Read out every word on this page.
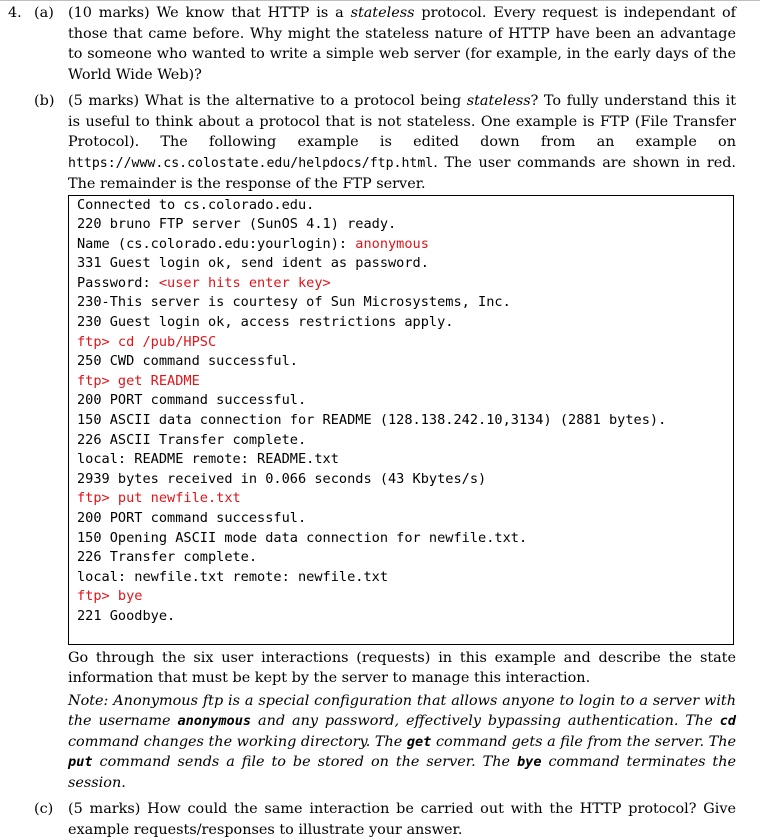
4. (a) (10 marks) We know that HTTP is a stateless protocol. Every request is independant of those that came before. Why might the stateless nature of HTTP have been an advantage to someone who wanted to write a simple web server (for example, in the early days of the World Wide Web)?

(b) (5 marks) What is the alternative to a protocol being stateless? To fully understand this it is useful to think about a protocol that is not stateless. One example is FTP (File Transfer Protocol). The following example is edited down from an example on https://www.cs.colostate.edu/helpdocs/ftp.html. The user commands are shown in red. The remainder is the response of the FTP server.

Connected to cs.colorado.edu.
220 bruno FTP server (SunOS 4.1) ready.
Name (cs.colorado.edu:yourlogin): anonymous
331 Guest login ok, send ident as password.
Password: <user hits enter key>
230-This server is courtesy of Sun Microsystems, Inc.
230 Guest login ok, access restrictions apply.
ftp> cd /pub/HPSC
250 CWD command successful.
ftp> get README
200 PORT command successful.
150 ASCII data connection for README (128.138.242.10,3134) (2881 bytes).
226 ASCII Transfer complete.
local: README remote: README.txt
2939 bytes received in 0.066 seconds (43 Kbytes/s)
ftp> put newfile.txt
200 PORT command successful.
150 Opening ASCII mode data connection for newfile.txt.
226 Transfer complete.
local: newfile.txt remote: newfile.txt
ftp> bye
221 Goodbye.

Go through the six user interactions (requests) in this example and describe the state information that must be kept by the server to manage this interaction.

Note: Anonymous ftp is a special configuration that allows anyone to login to a server with the username anonymous and any password, effectively bypassing authentication. The cd command changes the working directory. The get command gets a file from the server. The put command sends a file to be stored on the server. The bye command terminates the session.

(c) (5 marks) How could the same interaction be carried out with the HTTP protocol? Give example requests/responses to illustrate your answer.
